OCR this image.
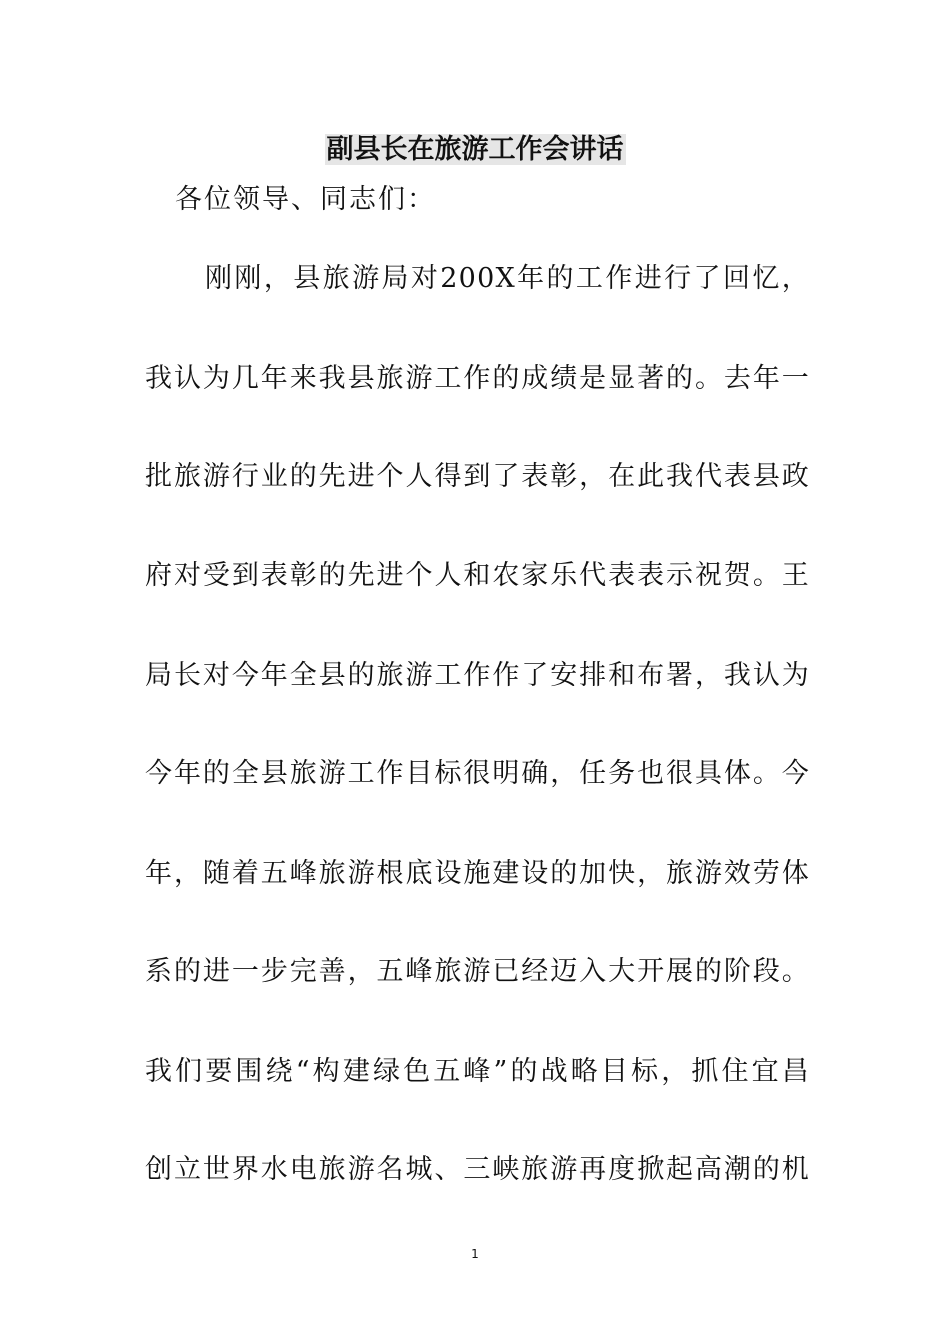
副县长在旅游工作会讲话
各位领导、同志们：
刚刚，县旅游局对200X年的工作进行了回忆，
我认为几年来我县旅游工作的成绩是显著的。去年一
批旅游行业的先进个人得到了表彰，在此我代表县政
府对受到表彰的先进个人和农家乐代表表示祝贺。王
局长对今年全县的旅游工作作了安排和布署，我认为
今年的全县旅游工作目标很明确，任务也很具体。今
年，随着五峰旅游根底设施建设的加快，旅游效劳体
系的进一步完善，五峰旅游已经迈入大开展的阶段。
我们要围绕“构建绿色五峰”的战略目标，抓住宜昌
创立世界水电旅游名城、三峡旅游再度掀起高潮的机
1
